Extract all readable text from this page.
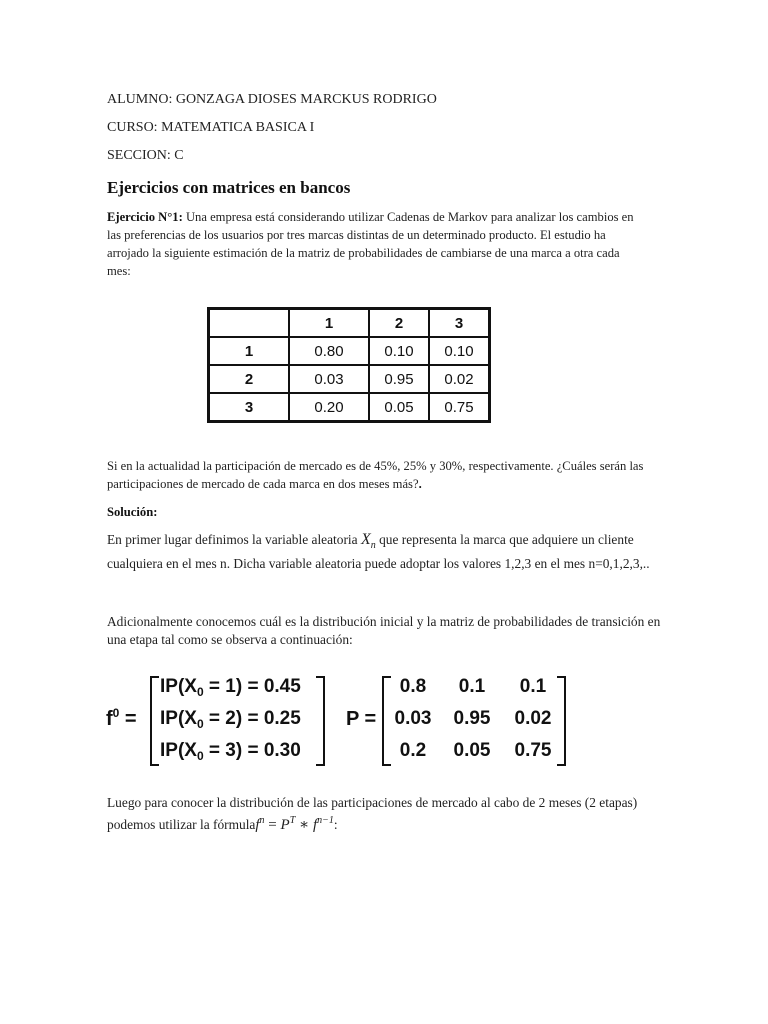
ALUMNO: GONZAGA DIOSES MARCKUS RODRIGO
CURSO: MATEMATICA BASICA I
SECCION: C
Ejercicios con matrices en bancos
Ejercicio N°1: Una empresa está considerando utilizar Cadenas de Markov para analizar los cambios en las preferencias de los usuarios por tres marcas distintas de un determinado producto. El estudio ha arrojado la siguiente estimación de la matriz de probabilidades de cambiarse de una marca a otra cada mes:
	1	2	3
1	0.80	0.10	0.10
2	0.03	0.95	0.02
3	0.20	0.05	0.75
Si en la actualidad la participación de mercado es de 45%, 25% y 30%, respectivamente. ¿Cuáles serán las participaciones de mercado de cada marca en dos meses más?.
Solución:
En primer lugar definimos la variable aleatoria $X_n$ que representa la marca que adquiere un cliente cualquiera en el mes n. Dicha variable aleatoria puede adoptar los valores 1,2,3 en el mes n=0,1,2,3,..
Adicionalmente conocemos cuál es la distribución inicial y la matriz de probabilidades de transición en una etapa tal como se observa a continuación:
$f^0$ =
$IP(X_0 = 1) = 0.45$
$IP(X_0 = 2) = 0.25$
$IP(X_0 = 3) = 0.30$
P =
0.8	0.1	0.1
0.03	0.95	0.02
0.2	0.05	0.75
Luego para conocer la distribución de las participaciones de mercado al cabo de 2 meses (2 etapas) podemos utilizar la fórmulaf$^n$ = $P^T$ ∗ $f^{n-1}$:
